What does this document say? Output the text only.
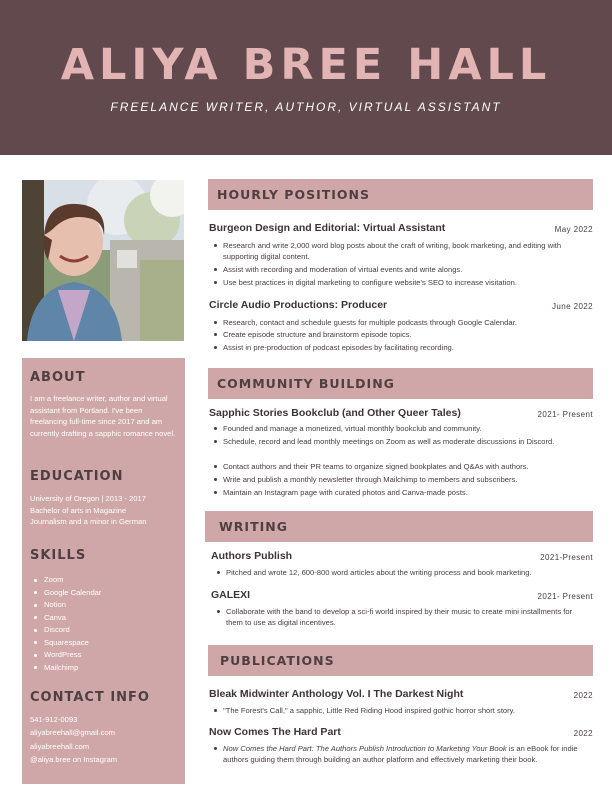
ALIYA BREE HALL
FREELANCE WRITER, AUTHOR, VIRTUAL ASSISTANT
ABOUT
I am a freelance writer, author and virtual assistant from Portland. I've been freelancing full-time since 2017 and am currently drafting a sapphic romance novel.
EDUCATION
University of Oregon | 2013 - 2017
Bachelor of arts in Magazine
Journalism and a minor in German
SKILLS
Zoom
Google Calendar
Notion
Canva
Discord
Squarespace
WordPress
Mailchimp
CONTACT INFO
541-912-0093
aliyabreehall@gmail.com
aliyabreehall.com
@aliya.bree on Instagram
HOURLY POSITIONS
Burgeon Design and Editorial: Virtual Assistant	May 2022
Research and write 2,000 word blog posts about the craft of writing, book marketing, and editing with supporting digital content.
Assist with recording and moderation of virtual events and write alongs.
Use best practices in digital marketing to configure website's SEO to increase visitation.
Circle Audio Productions: Producer	June 2022
Research, contact and schedule guests for multiple podcasts through Google Calendar.
Create episode structure and brainstorm episode topics.
Assist in pre-production of podcast episodes by facilitating recording.
COMMUNITY BUILDING
Sapphic Stories Bookclub (and Other Queer Tales)	2021- Present
Founded and manage a monetized, virtual monthly bookclub and community.
Schedule, record and lead monthly meetings on Zoom as well as moderate discussions in Discord.
Contact authors and their PR teams to organize signed bookplates and Q&As with authors.
Write and publish a monthly newsletter through Mailchimp to members and subscribers.
Maintain an Instagram page with curated photos and Canva-made posts.
WRITING
Authors Publish	2021-Present
Pitched and wrote 12, 600-800 word articles about the writing process and book marketing.
GALEXI	2021- Present
Collaborate with the band to develop a sci-fi world inspired by their music to create mini installments for them to use as digital incentives.
PUBLICATIONS
Bleak Midwinter Anthology Vol. I The Darkest Night	2022
"The Forest's Call," a sapphic, Little Red Riding Hood inspired gothic horror short story.
Now Comes The Hard Part	2022
Now Comes the Hard Part: The Authors Publish Introduction to Marketing Your Book is an eBook for indie authors guiding them through building an author platform and effectively marketing their book.
